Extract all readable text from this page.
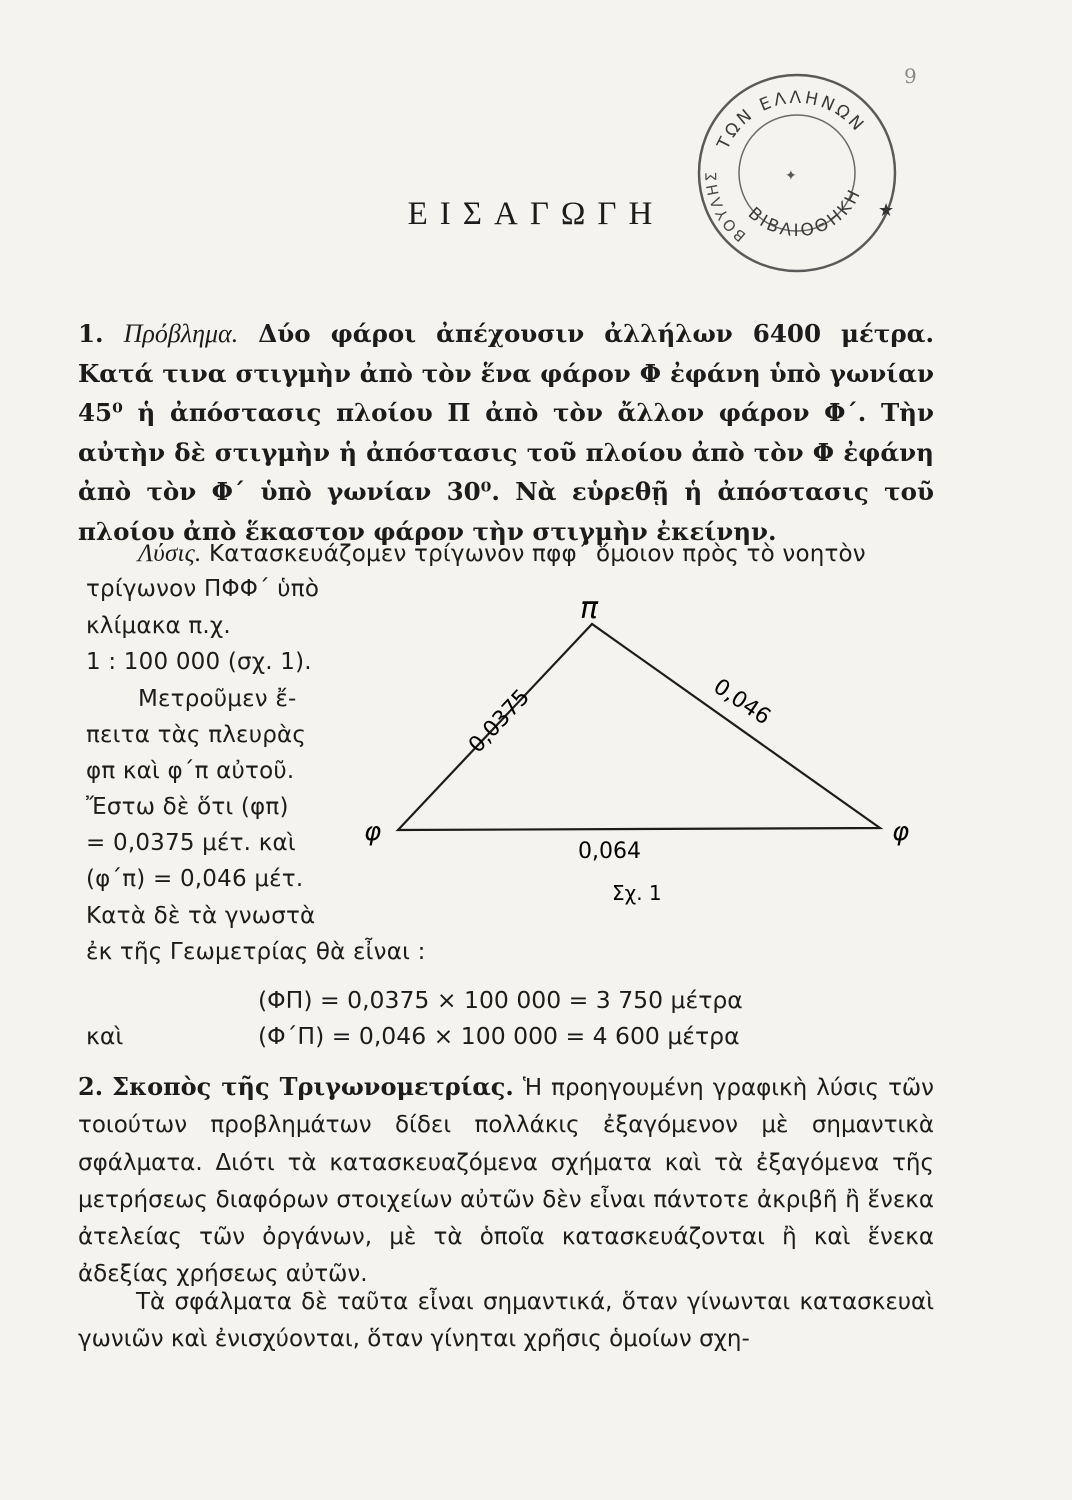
9
ΤΩΝ ΕΛΛΗΝΩΝ
ΒΙΒΛΙΟΘΗΚΗ
ΒΟΥΛΗΣ
★
✦
ΕΙΣΑΓΩΓΗ
1. Πρόβλημα. Δύο φάροι ἀπέχουσιν ἀλλήλων 6400 μέτρα. Κατά τινα στιγμὴν ἀπὸ τὸν ἕνα φάρον Φ ἐφάνη ὑπὸ γωνίαν 45⁰ ἡ ἀπόστασις πλοίου Π ἀπὸ τὸν ἄλλον φάρον Φ΄. Τὴν αὐτὴν δὲ στιγμὴν ἡ ἀπόστασις τοῦ πλοίου ἀπὸ τὸν Φ ἐφάνη ἀπὸ τὸν Φ΄ ὑπὸ γωνίαν 30⁰. Νὰ εὑρεθῇ ἡ ἀπόστασις τοῦ πλοίου ἀπὸ ἕκαστον φάρον τὴν στιγμὴν ἐκείνην.
Λύσις. Κατασκευάζομεν τρίγωνον πφφ΄ ὅμοιον πρὸς τὸ νοητὸν
τρίγωνον ΠΦΦ΄ ὑπὸ
κλίμακα π.χ.
1 : 100 000 (σχ. 1).
Μετροῦμεν ἔ-
πειτα τὰς πλευρὰς
φπ καὶ φ΄π αὐτοῦ.
Ἔστω δὲ ὅτι (φπ)
= 0,0375 μέτ. καὶ
(φ΄π) = 0,046 μέτ.
Κατὰ δὲ τὰ γνωστὰ
ἐκ τῆς Γεωμετρίας θὰ εἶναι :
(ΦΠ) = 0,0375 × 100 000 = 3 750 μέτρα
καὶ	(Φ΄Π) = 0,046 × 100 000 = 4 600 μέτρα
π
φ	φ
0,0375	0,046
0,064
Σχ. 1
2. Σκοπὸς τῆς Τριγωνομετρίας. Ἡ προηγουμένη γραφικὴ λύσις τῶν τοιούτων προβλημάτων δίδει πολλάκις ἐξαγόμενον μὲ σημαντικὰ σφάλματα. Διότι τὰ κατασκευαζόμενα σχήματα καὶ τὰ ἐξαγόμενα τῆς μετρήσεως διαφόρων στοιχείων αὐτῶν δὲν εἶναι πάντοτε ἀκριβῆ ἢ ἕνεκα ἀτελείας τῶν ὀργάνων, μὲ τὰ ὁποῖα κατασκευάζονται ἢ καὶ ἕνεκα ἀδεξίας χρήσεως αὐτῶν.
Τὰ σφάλματα δὲ ταῦτα εἶναι σημαντικά, ὅταν γίνωνται κατασκευαὶ γωνιῶν καὶ ἐνισχύονται, ὅταν γίνηται χρῆσις ὁμοίων σχη-
